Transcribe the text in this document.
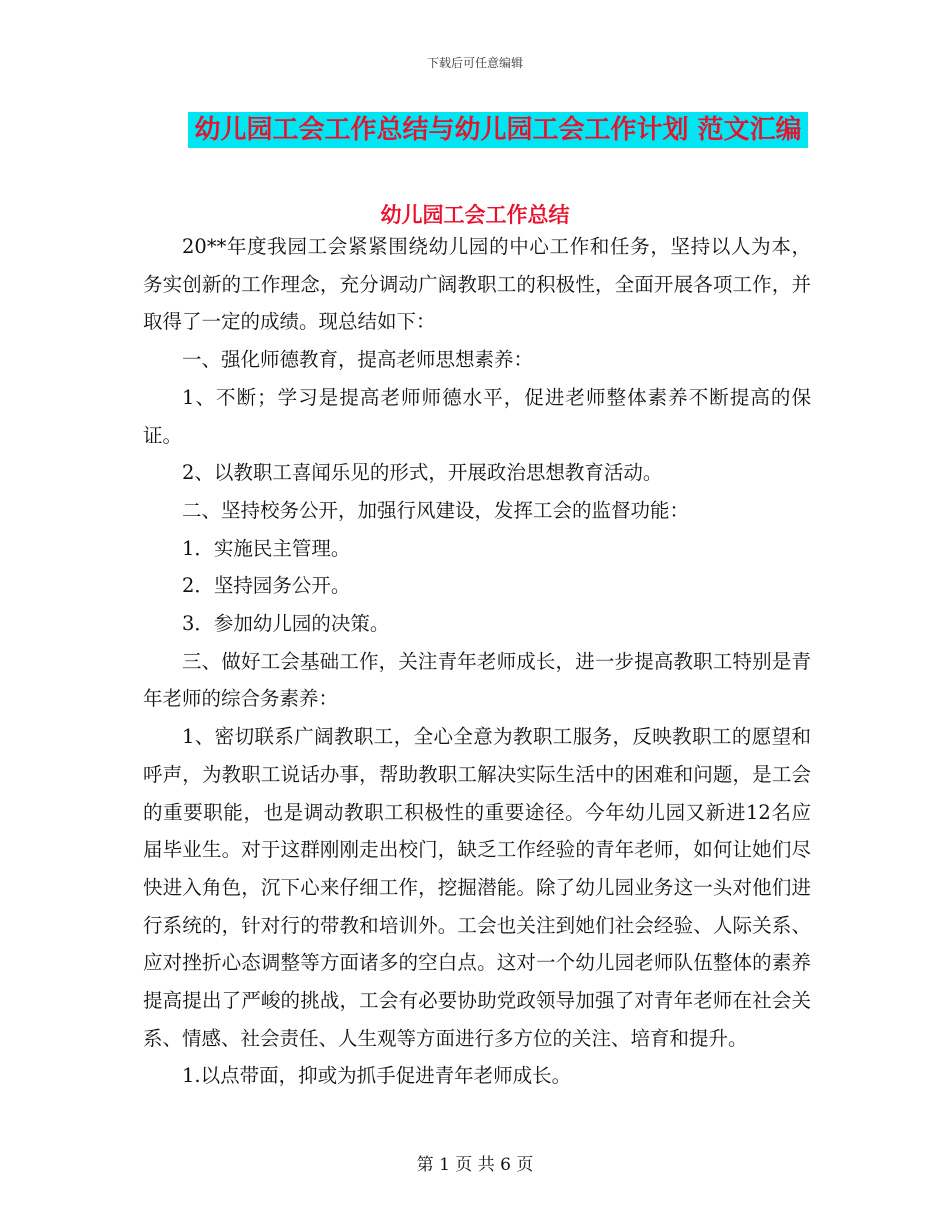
下载后可任意编辑
幼儿园工会工作总结与幼儿园工会工作计划 范文汇编
幼儿园工会工作总结

20**年度我园工会紧紧围绕幼儿园的中心工作和任务，坚持以人为本，务实创新的工作理念，充分调动广阔教职工的积极性，全面开展各项工作，并取得了一定的成绩。现总结如下：

一、强化师德教育，提高老师思想素养：

1、不断；学习是提高老师师德水平，促进老师整体素养不断提高的保证。

2、以教职工喜闻乐见的形式，开展政治思想教育活动。

二、坚持校务公开，加强行风建设，发挥工会的监督功能：

1．实施民主管理。

2．坚持园务公开。

3．参加幼儿园的决策。

三、做好工会基础工作，关注青年老师成长，进一步提高教职工特别是青年老师的综合务素养：

1、密切联系广阔教职工，全心全意为教职工服务，反映教职工的愿望和呼声，为教职工说话办事，帮助教职工解决实际生活中的困难和问题，是工会的重要职能，也是调动教职工积极性的重要途径。今年幼儿园又新进12名应届毕业生。对于这群刚刚走出校门，缺乏工作经验的青年老师，如何让她们尽快进入角色，沉下心来仔细工作，挖掘潜能。除了幼儿园业务这一头对他们进行系统的，针对行的带教和培训外。工会也关注到她们社会经验、人际关系、应对挫折心态调整等方面诸多的空白点。这对一个幼儿园老师队伍整体的素养提高提出了严峻的挑战，工会有必要协助党政领导加强了对青年老师在社会关系、情感、社会责任、人生观等方面进行多方位的关注、培育和提升。

1.以点带面，抑或为抓手促进青年老师成长。

第 1 页 共 6 页
